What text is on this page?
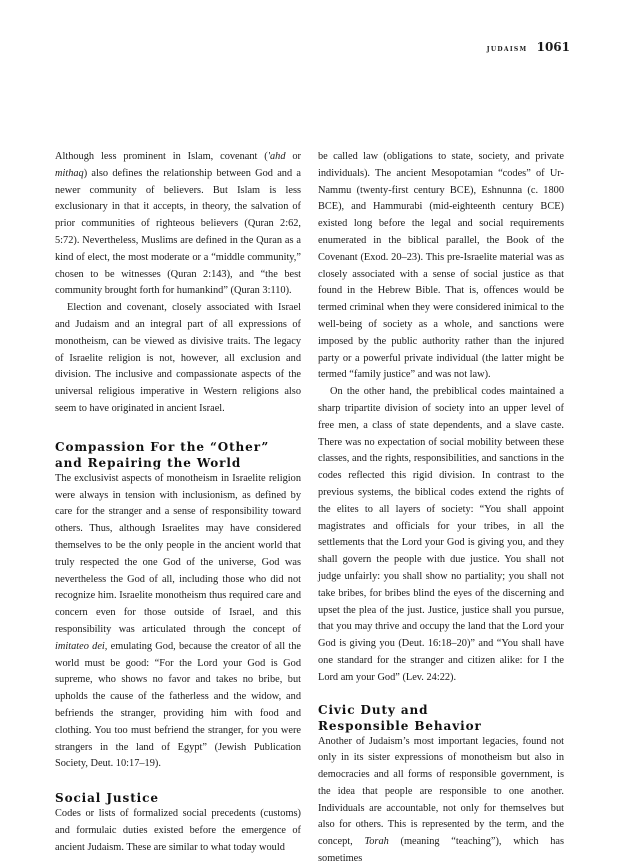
judaism 1061

Although less prominent in Islam, covenant ('ahd or mithaq) also defines the relationship between God and a newer community of believers. But Islam is less exclusionary in that it accepts, in theory, the salvation of prior communities of righteous believers (Quran 2:62, 5:72). Nevertheless, Muslims are defined in the Quran as a kind of elect, the most moderate or a “middle community,” chosen to be witnesses (Quran 2:143), and “the best community brought forth for humankind” (Quran 3:110).

Election and covenant, closely associated with Israel and Judaism and an integral part of all expressions of monotheism, can be viewed as divisive traits. The legacy of Israelite religion is not, however, all exclusion and division. The inclusive and compassionate aspects of the universal religious imperative in Western religions also seem to have originated in ancient Israel.

Compassion For the “Other”
and Repairing the World

The exclusivist aspects of monotheism in Israelite religion were always in tension with inclusionism, as defined by care for the stranger and a sense of responsibility toward others. Thus, although Israelites may have considered themselves to be the only people in the ancient world that truly respected the one God of the universe, God was nevertheless the God of all, including those who did not recognize him. Israelite monotheism thus required care and concern even for those outside of Israel, and this responsibility was articulated through the concept of imitateo dei, emulating God, because the creator of all the world must be good: “For the Lord your God is God supreme, who shows no favor and takes no bribe, but upholds the cause of the fatherless and the widow, and befriends the stranger, providing him with food and clothing. You too must befriend the stranger, for you were strangers in the land of Egypt” (Jewish Publication Society, Deut. 10:17–19).

Social Justice

Codes or lists of formalized social precedents (customs) and formulaic duties existed before the emergence of ancient Judaism. These are similar to what today would

be called law (obligations to state, society, and private individuals). The ancient Mesopotamian “codes” of Ur-Nammu (twenty-first century BCE), Eshnunna (c. 1800 BCE), and Hammurabi (mid-eighteenth century BCE) existed long before the legal and social requirements enumerated in the biblical parallel, the Book of the Covenant (Exod. 20–23). This pre-Israelite material was as closely associated with a sense of social justice as that found in the Hebrew Bible. That is, offences would be termed criminal when they were considered inimical to the well-being of society as a whole, and sanctions were imposed by the public authority rather than the injured party or a powerful private individual (the latter might be termed “family justice” and was not law).

On the other hand, the prebiblical codes maintained a sharp tripartite division of society into an upper level of free men, a class of state dependents, and a slave caste. There was no expectation of social mobility between these classes, and the rights, responsibilities, and sanctions in the codes reflected this rigid division. In contrast to the previous systems, the biblical codes extend the rights of the elites to all layers of society: “You shall appoint magistrates and officials for your tribes, in all the settlements that the Lord your God is giving you, and they shall govern the people with due justice. You shall not judge unfairly: you shall show no partiality; you shall not take bribes, for bribes blind the eyes of the discerning and upset the plea of the just. Justice, justice shall you pursue, that you may thrive and occupy the land that the Lord your God is giving you (Deut. 16:18–20)” and “You shall have one standard for the stranger and citizen alike: for I the Lord am your God” (Lev. 24:22).

Civic Duty and
Responsible Behavior

Another of Judaism’s most important legacies, found not only in its sister expressions of monotheism but also in democracies and all forms of responsible government, is the idea that people are responsible to one another. Individuals are accountable, not only for themselves but also for others. This is represented by the term, and the concept, Torah (meaning “teaching”), which has sometimes
